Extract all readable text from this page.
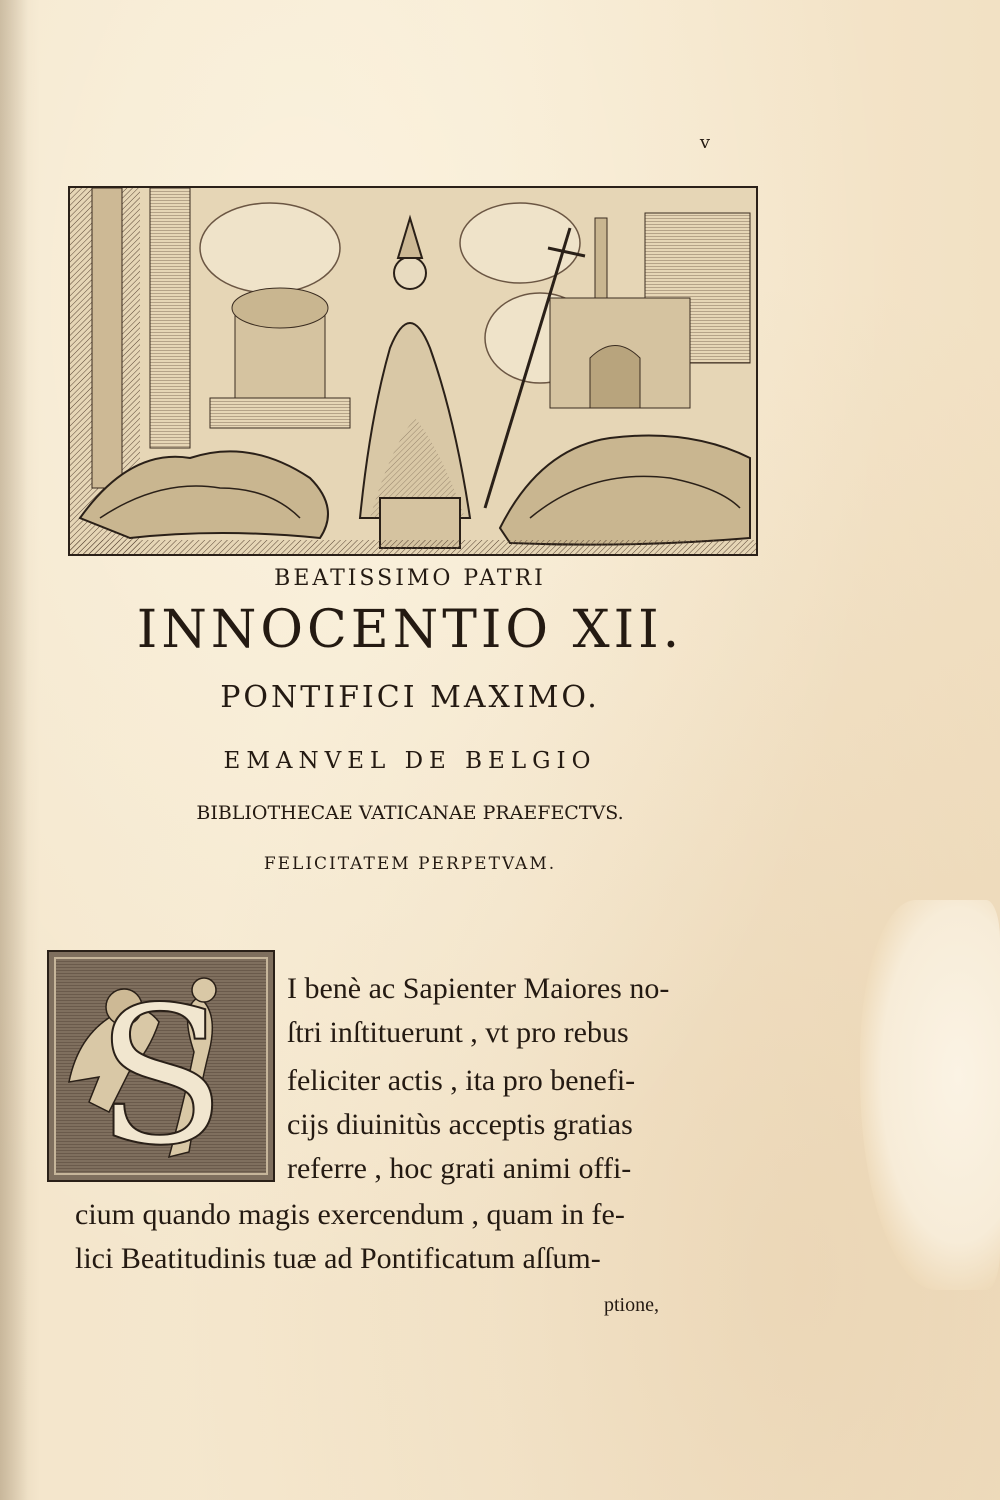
v
BEATISSIMO PATRI
INNOCENTIO XII.
PONTIFICI MAXIMO.
EMANVEL DE BELGIO
BIBLIOTHECAE VATICANAE PRAEFECTVS.
FELICITATEM PERPETVAM.
S I benè ac Sapienter Maiores no-
ſtri inſtituerunt , vt pro rebus
feliciter actis , ita pro benefi-
cijs diuinitùs acceptis gratias
referre , hoc grati animi offi-
cium quando magis exercendum , quam in fe-
lici Beatitudinis tuæ ad Pontificatum aſſum-
ptione,
